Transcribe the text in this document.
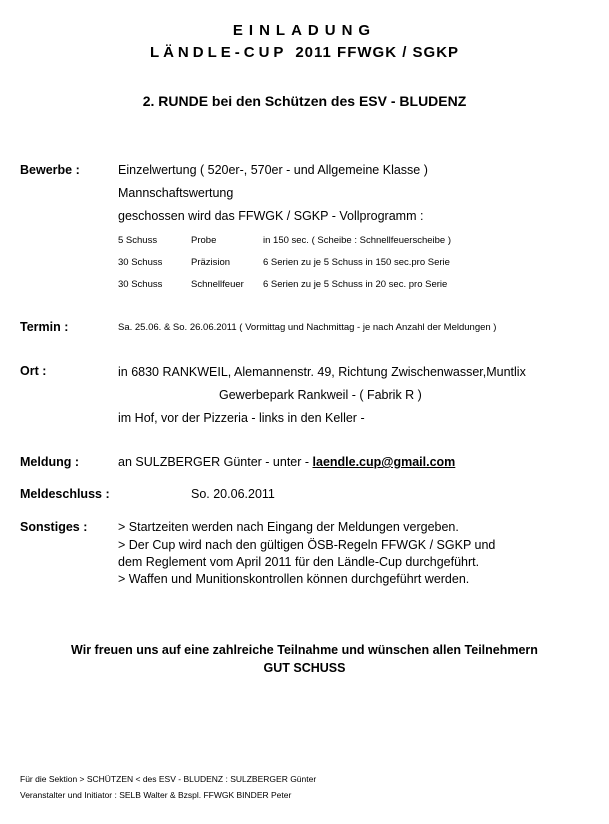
EINLADUNG
LÄNDLE-CUP 2011 FFWGK / SGKP
2. RUNDE bei den Schützen des ESV - BLUDENZ
Bewerbe :	Einzelwertung ( 520er-, 570er - und Allgemeine Klasse )
Mannschaftswertung
geschossen wird das FFWGK / SGKP - Vollprogramm :
5 Schuss	Probe	in 150 sec. ( Scheibe : Schnellfeuerscheibe )
30 Schuss	Präzision	6 Serien zu je 5 Schuss in 150 sec.pro Serie
30 Schuss	Schnellfeuer 6 Serien zu je 5 Schuss in 20 sec. pro Serie
Termin :	Sa. 25.06. & So. 26.06.2011 ( Vormittag und Nachmittag - je nach Anzahl der Meldungen )
Ort :	in 6830 RANKWEIL, Alemannenstr. 49, Richtung Zwischenwasser,Muntlix
Gewerbepark Rankweil - ( Fabrik R )
im Hof, vor der Pizzeria - links in den Keller -
Meldung :	an SULZBERGER Günter - unter - laendle.cup@gmail.com
Meldeschluss :	So. 20.06.2011
Sonstiges : > Startzeiten werden nach Eingang der Meldungen vergeben.
> Der Cup wird nach den gültigen ÖSB-Regeln FFWGK / SGKP und
dem Reglement vom April 2011 für den Ländle-Cup durchgeführt.
> Waffen und Munitionskontrollen können durchgeführt werden.
Wir freuen uns auf eine zahlreiche Teilnahme und wünschen allen Teilnehmern
GUT SCHUSS
Für die Sektion > SCHÜTZEN < des ESV - BLUDENZ : SULZBERGER Günter
Veranstalter und Initiator : SELB Walter & Bzspl. FFWGK BINDER Peter
